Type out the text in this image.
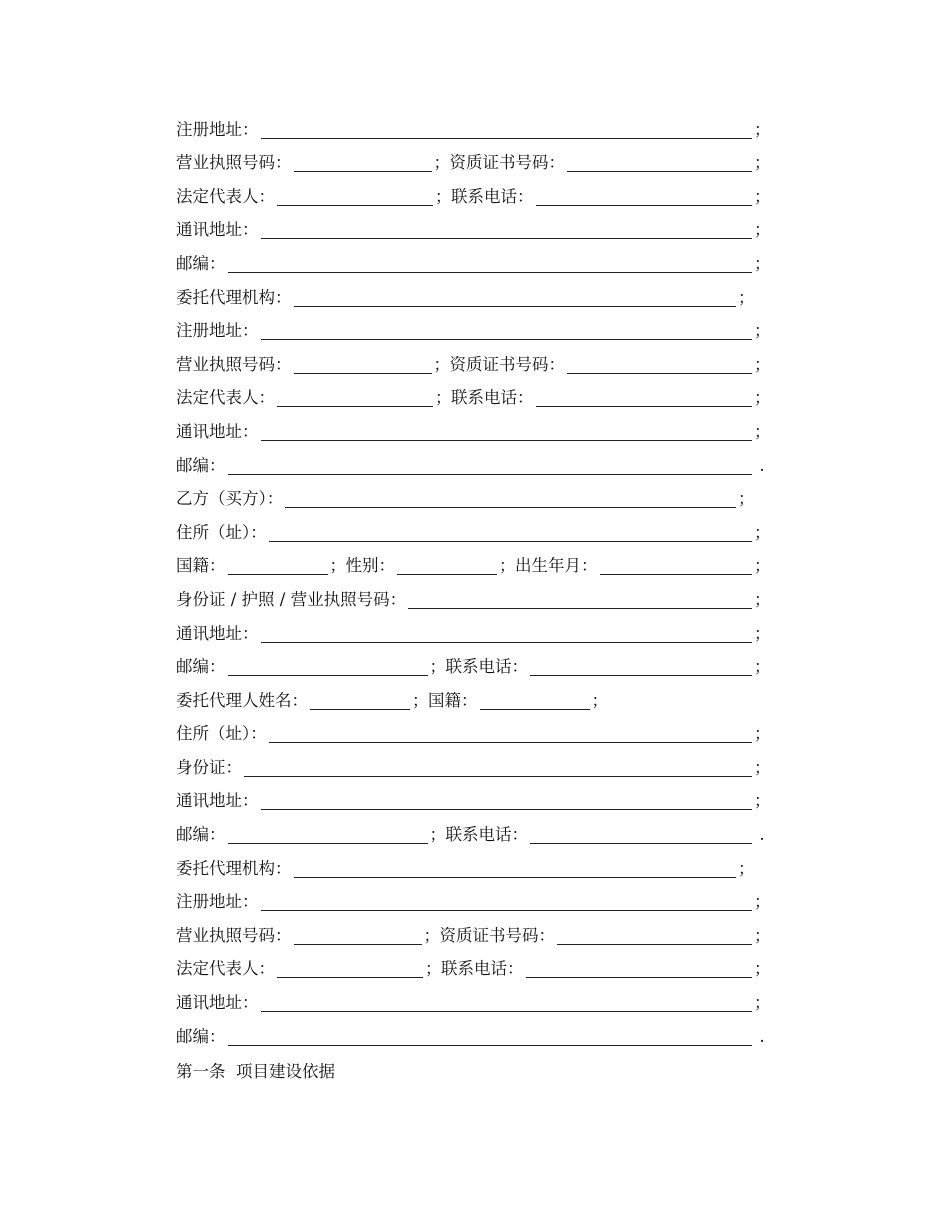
注册地址：	；
营业执照号码：	； 资质证书号码：	；
法定代表人：	； 联系电话：	；
通讯地址：	；
邮编：	；
委托代理机构：	；
注册地址：	；
营业执照号码：	； 资质证书号码：	；
法定代表人：	； 联系电话：	；
通讯地址：	；
邮编：	.
乙方（买方）：	；
住所（址）：	；
国籍：	； 性别：	； 出生年月：	；
身份证 / 护照 / 营业执照号码：	；
通讯地址：	；
邮编：	； 联系电话：	；
委托代理人姓名：	； 国籍：	；
住所（址）：	；
身份证：	；
通讯地址：	；
邮编：	； 联系电话：	.
委托代理机构：	；
注册地址：	；
营业执照号码：	； 资质证书号码：	；
法定代表人：	； 联系电话：	；
通讯地址：	；
邮编：	.
第一条  项目建设依据
